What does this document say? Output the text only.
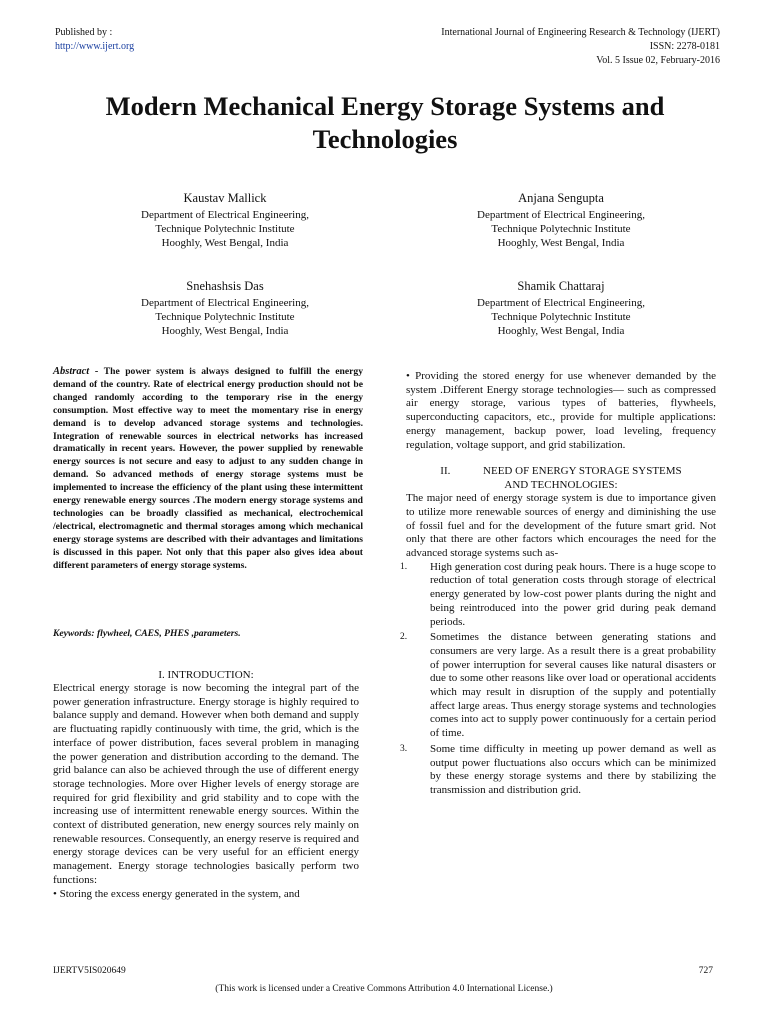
Published by :
http://www.ijert.org
International Journal of Engineering Research & Technology (IJERT)
ISSN: 2278-0181
Vol. 5 Issue 02, February-2016
Modern Mechanical Energy Storage Systems and
Technologies
Kaustav Mallick
Department of Electrical Engineering,
Technique Polytechnic Institute
Hooghly, West Bengal, India
Anjana Sengupta
Department of Electrical Engineering,
Technique Polytechnic Institute
Hooghly, West Bengal, India
Snehashsis Das
Department of Electrical Engineering,
Technique Polytechnic Institute
Hooghly, West Bengal, India
Shamik Chattaraj
Department of Electrical Engineering,
Technique Polytechnic Institute
Hooghly, West Bengal, India
Abstract - The power system is always designed to fulfill the energy demand of the country. Rate of electrical energy production should not be changed randomly according to the temporary rise in the energy consumption. Most effective way to meet the momentary rise in energy demand is to develop advanced storage systems and technologies. Integration of renewable sources in electrical networks has increased dramatically in recent years. However, the power supplied by renewable energy sources is not secure and easy to adjust to any sudden change in demand. So advanced methods of energy storage systems must be implemented to increase the efficiency of the plant using these intermittent energy renewable energy sources .The modern energy storage systems and technologies can be broadly classified as mechanical, electrochemical /electrical, electromagnetic and thermal storages among which mechanical energy storage systems are described with their advantages and limitations is discussed in this paper. Not only that this paper also gives idea about different parameters of energy storage systems.
Keywords: flywheel, CAES, PHES ,parameters.
I. INTRODUCTION:

Electrical energy storage is now becoming the integral part of the power generation infrastructure. Energy storage is highly required to balance supply and demand. However when both demand and supply are fluctuating rapidly continuously with time, the grid, which is the interface of power distribution, faces several problem in managing the power generation and distribution according to the demand. The grid balance can also be achieved through the use of different energy storage technologies. More over Higher levels of energy storage are required for grid flexibility and grid stability and to cope with the increasing use of intermittent renewable energy sources. Within the context of distributed generation, new energy sources rely mainly on renewable resources. Consequently, an energy reserve is required and energy storage devices can be very useful for an efficient energy management. Energy storage technologies basically perform two functions:

• Storing the excess energy generated in the system, and

• Providing the stored energy for use whenever demanded by the system .Different Energy storage technologies— such as compressed air energy storage, various types of batteries, flywheels, superconducting capacitors, etc., provide for multiple applications: energy management, backup power, load leveling, frequency regulation, voltage support, and grid stabilization.

II.	NEED OF ENERGY STORAGE SYSTEMS
AND TECHNOLOGIES:

The major need of energy storage system is due to importance given to utilize more renewable sources of energy and diminishing the use of fossil fuel and for the development of the future smart grid. Not only that there are other factors which encourages the need for the advanced storage systems such as-

1. High generation cost during peak hours. There is a huge scope to reduction of total generation costs through storage of electrical energy generated by low-cost power plants during the night and being reintroduced into the power grid during peak demand periods.
2. Sometimes the distance between generating stations and consumers are very large. As a result there is a great probability of power interruption for several causes like natural disasters or due to some other reasons like over load or operational accidents which may result in disruption of the supply and potentially affect large areas. Thus energy storage systems and technologies comes into act to supply power continuously for a certain period of time.
3. Some time difficulty in meeting up power demand as well as output power fluctuations also occurs which can be minimized by these energy storage systems and there by stabilizing the transmission and distribution grid.
IJERTV5IS020649	727
(This work is licensed under a Creative Commons Attribution 4.0 International License.)
